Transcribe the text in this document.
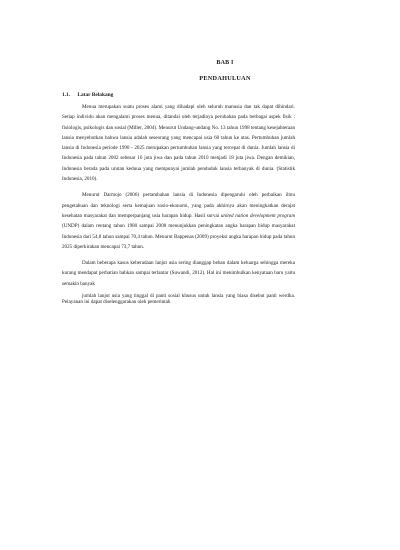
BAB I
PENDAHULUAN
1.1. Latar Belakang

Menua merupakan suatu proses alami yang dihadapi oleh seluruh manusia dan tak dapat dihindari. Setiap individu akan mengalami proses menua, ditandai oleh terjadinya perubahan pada berbagai aspek fisik : fisiologis, psikologis dan sosial (Miller, 2004). Menurut Undang-undang No. 13 tahun 1998 tentang kesejahteraan lansia menyebutkan bahwa lansia adalah seseorang yang mencapai usia 60 tahun ke atas. Pertumbuhan jumlah lansia di Indonesia periode 1990 - 2025 merupakan pertumbuhan lansia yang tercepat di dunia. Jumlah lansia di Indonesia pada tahun 2002 sebesar 16 juta jiwa dan pada tahun 2010 menjadi 18 juta jiwa. Dengan demikian, Indonesia berada pada urutan keduua yang mempunyai jumlah penduduk lansia terbanyak di dunia. (Statistik Indonesia, 2010).

Menurut Darmojo (2006) pertambahan lansia di Indonesia dipengaruhi oleh perbaikan ilmu pengetahuan dan teknologi serta kemajuan sosio-ekonomi, yang pada akhirnya akan meningkatkan derajat kesehatan masyarakat dan memperpanjang usia harapan hidup. Hasil survai united nation development program (UNDP) dalam rentang tahun 1980 sampai 2008 menunjukkan peningkatan angka harapan hidup masyarakat Indonesia dari 54,8 tahun sampai 70,4 tahun. Menurut Bappenas (2009) proyeksi angka harapan hidup pada tahun 2025 diperkirakan mencapai 73,7 tahun.

Dalam beberapa kasus keberadaan lanjut usia sering dianggap beban dalam keluarga sehingga mereka kurang mendapat perhatian bahkan sampai terlantar (Suwandi, 2012). Hal ini menimbulkan kenyataan baru yaitu semakin banyak

jumlah lanjut usia yang tinggal di panti sosial khusus untuk lansia yang biasa disebut panti werdha. Pelayanan ini dapat diselenggarakan oleh pemerintah
